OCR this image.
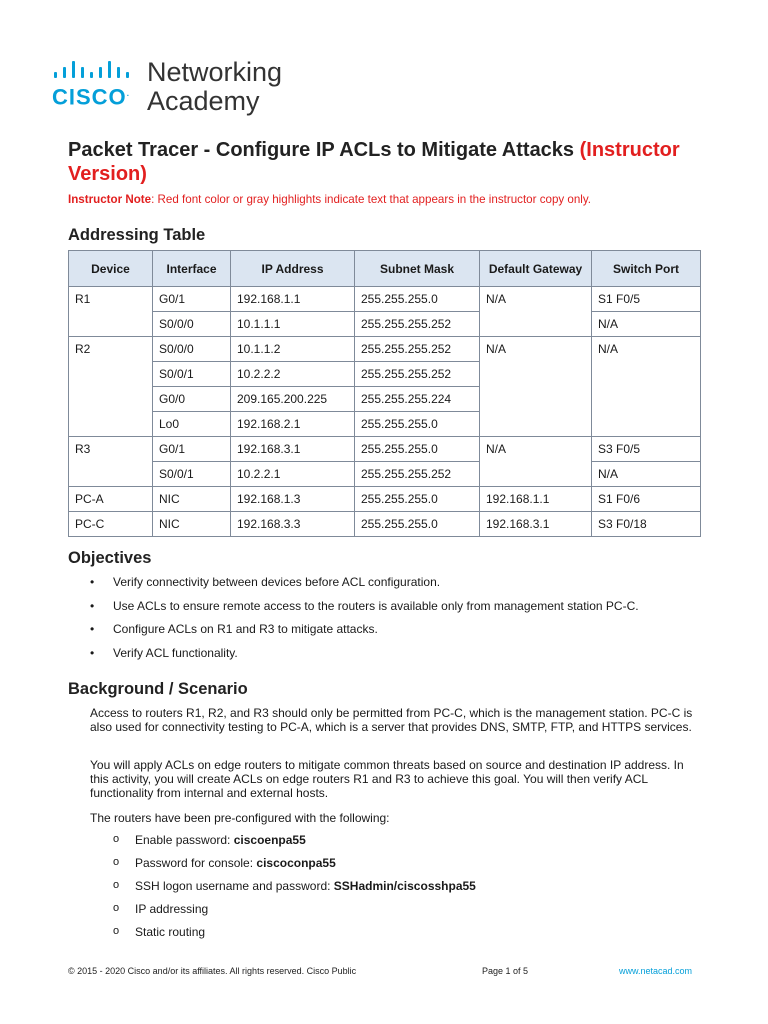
CISCO.
Networking
Academy
Packet Tracer - Configure IP ACLs to Mitigate Attacks (Instructor Version)

Instructor Note: Red font color or gray highlights indicate text that appears in the instructor copy only.

Addressing Table
Device	Interface	IP Address	Subnet Mask	Default Gateway	Switch Port
R1	G0/1	192.168.1.1	255.255.255.0	N/A	S1 F0/5
	S0/0/0	10.1.1.1	255.255.255.252		N/A
R2	S0/0/0	10.1.1.2	255.255.255.252	N/A	N/A
	S0/0/1	10.2.2.2	255.255.255.252		
	G0/0	209.165.200.225	255.255.255.224		
	Lo0	192.168.2.1	255.255.255.0		
R3	G0/1	192.168.3.1	255.255.255.0	N/A	S3 F0/5
	S0/0/1	10.2.2.1	255.255.255.252		N/A
PC-A	NIC	192.168.1.3	255.255.255.0	192.168.1.1	S1 F0/6
PC-C	NIC	192.168.3.3	255.255.255.0	192.168.3.1	S3 F0/18
Objectives
• Verify connectivity between devices before ACL configuration.
• Use ACLs to ensure remote access to the routers is available only from management station PC-C.
• Configure ACLs on R1 and R3 to mitigate attacks.
• Verify ACL functionality.
Background / Scenario

Access to routers R1, R2, and R3 should only be permitted from PC-C, which is the management station. PC-C is also used for connectivity testing to PC-A, which is a server that provides DNS, SMTP, FTP, and HTTPS services.

You will apply ACLs on edge routers to mitigate common threats based on source and destination IP address. In this activity, you will create ACLs on edge routers R1 and R3 to achieve this goal. You will then verify ACL functionality from internal and external hosts.

The routers have been pre-configured with the following:

o Enable password: ciscoenpa55
o Password for console: ciscoconpa55
o SSH logon username and password: SSHadmin/ciscosshpa55
o IP addressing
o Static routing
© 2015 - 2020 Cisco and/or its affiliates. All rights reserved. Cisco Public	Page 1 of 5	www.netacad.com
